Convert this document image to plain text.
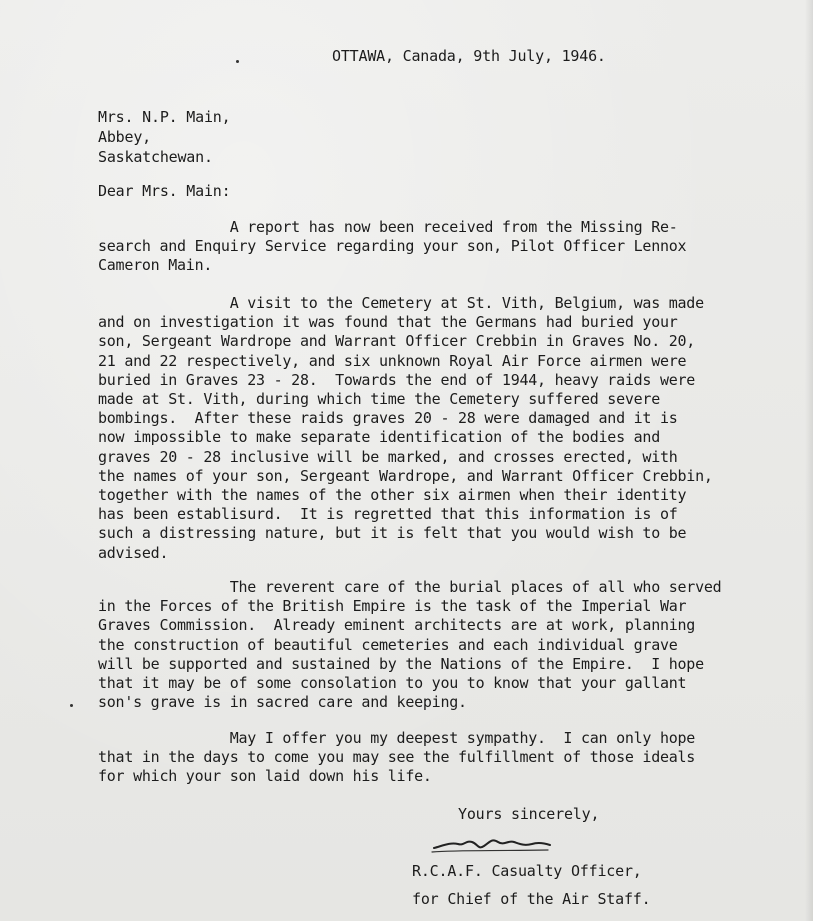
OTTAWA, Canada, 9th July, 1946.
Mrs. N.P. Main,
Abbey,
Saskatchewan.
Dear Mrs. Main:
A report has now been received from the Missing Re-
search and Enquiry Service regarding your son, Pilot Officer Lennox
Cameron Main.
A visit to the Cemetery at St. Vith, Belgium, was made
and on investigation it was found that the Germans had buried your
son, Sergeant Wardrope and Warrant Officer Crebbin in Graves No. 20,
21 and 22 respectively, and six unknown Royal Air Force airmen were
buried in Graves 23 - 28.  Towards the end of 1944, heavy raids were
made at St. Vith, during which time the Cemetery suffered severe
bombings.  After these raids graves 20 - 28 were damaged and it is
now impossible to make separate identification of the bodies and
graves 20 - 28 inclusive will be marked, and crosses erected, with
the names of your son, Sergeant Wardrope, and Warrant Officer Crebbin,
together with the names of the other six airmen when their identity
has been establisurd.  It is regretted that this information is of
such a distressing nature, but it is felt that you would wish to be
advised.
The reverent care of the burial places of all who served
in the Forces of the British Empire is the task of the Imperial War
Graves Commission.  Already eminent architects are at work, planning
the construction of beautiful cemeteries and each individual grave
will be supported and sustained by the Nations of the Empire.  I hope
that it may be of some consolation to you to know that your gallant
son's grave is in sacred care and keeping.
May I offer you my deepest sympathy.  I can only hope
that in the days to come you may see the fulfillment of those ideals
for which your son laid down his life.
Yours sincerely,
R.C.A.F. Casualty Officer,
for Chief of the Air Staff.
